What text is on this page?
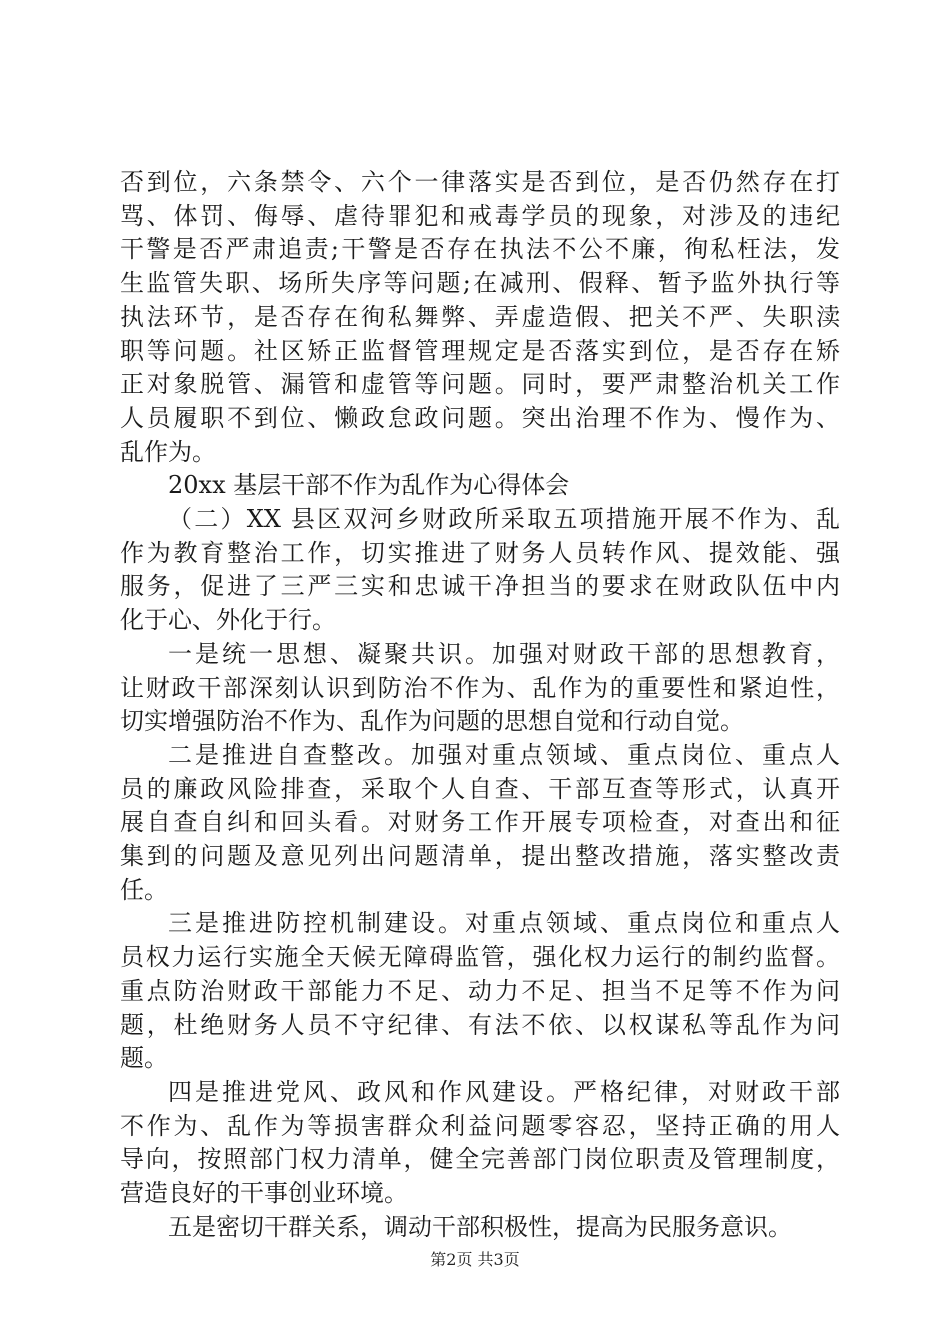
否到位，六条禁令、六个一律落实是否到位，是否仍然存在打

骂、体罚、侮辱、虐待罪犯和戒毒学员的现象，对涉及的违纪

干警是否严肃追责;干警是否存在执法不公不廉，徇私枉法，发

生监管失职、场所失序等问题;在减刑、假释、暂予监外执行等

执法环节，是否存在徇私舞弊、弄虚造假、把关不严、失职渎

职等问题。社区矫正监督管理规定是否落实到位，是否存在矫

正对象脱管、漏管和虚管等问题。同时，要严肃整治机关工作

人员履职不到位、懒政怠政问题。突出治理不作为、慢作为、

乱作为。

20xx 基层干部不作为乱作为心得体会

（二）XX 县区双河乡财政所采取五项措施开展不作为、乱

作为教育整治工作，切实推进了财务人员转作风、提效能、强

服务，促进了三严三实和忠诚干净担当的要求在财政队伍中内

化于心、外化于行。

一是统一思想、凝聚共识。加强对财政干部的思想教育，

让财政干部深刻认识到防治不作为、乱作为的重要性和紧迫性，

切实增强防治不作为、乱作为问题的思想自觉和行动自觉。

二是推进自查整改。加强对重点领域、重点岗位、重点人

员的廉政风险排查，采取个人自查、干部互查等形式，认真开

展自查自纠和回头看。对财务工作开展专项检查，对查出和征

集到的问题及意见列出问题清单，提出整改措施，落实整改责

任。

三是推进防控机制建设。对重点领域、重点岗位和重点人

员权力运行实施全天候无障碍监管，强化权力运行的制约监督。

重点防治财政干部能力不足、动力不足、担当不足等不作为问

题，杜绝财务人员不守纪律、有法不依、以权谋私等乱作为问

题。

四是推进党风、政风和作风建设。严格纪律，对财政干部

不作为、乱作为等损害群众利益问题零容忍，坚持正确的用人

导向，按照部门权力清单，健全完善部门岗位职责及管理制度，

营造良好的干事创业环境。

五是密切干群关系，调动干部积极性，提高为民服务意识。

第2页 共3页
